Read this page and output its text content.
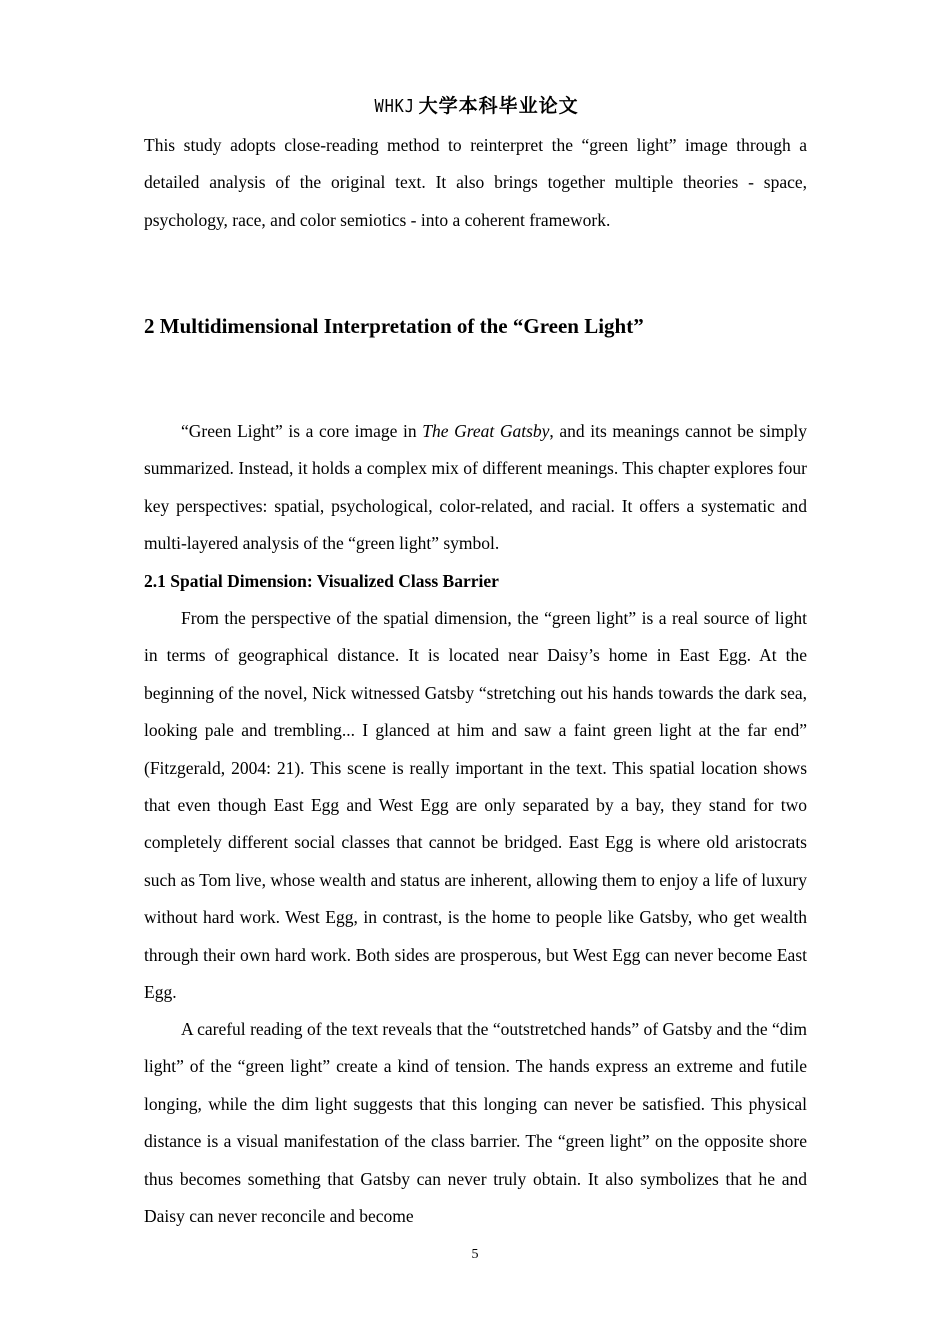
WHKJ 大学本科毕业论文
This study adopts close-reading method to reinterpret the “green light” image through a detailed analysis of the original text. It also brings together multiple theories - space, psychology, race, and color semiotics - into a coherent framework.
2 Multidimensional Interpretation of the “Green Light”
“Green Light” is a core image in The Great Gatsby, and its meanings cannot be simply summarized. Instead, it holds a complex mix of different meanings. This chapter explores four key perspectives: spatial, psychological, color-related, and racial. It offers a systematic and multi-layered analysis of the “green light” symbol.
2.1 Spatial Dimension: Visualized Class Barrier
From the perspective of the spatial dimension, the “green light” is a real source of light in terms of geographical distance. It is located near Daisy’s home in East Egg. At the beginning of the novel, Nick witnessed Gatsby “stretching out his hands towards the dark sea, looking pale and trembling... I glanced at him and saw a faint green light at the far end” (Fitzgerald, 2004: 21). This scene is really important in the text. This spatial location shows that even though East Egg and West Egg are only separated by a bay, they stand for two completely different social classes that cannot be bridged. East Egg is where old aristocrats such as Tom live, whose wealth and status are inherent, allowing them to enjoy a life of luxury without hard work. West Egg, in contrast, is the home to people like Gatsby, who get wealth through their own hard work. Both sides are prosperous, but West Egg can never become East Egg.
A careful reading of the text reveals that the “outstretched hands” of Gatsby and the “dim light” of the “green light” create a kind of tension. The hands express an extreme and futile longing, while the dim light suggests that this longing can never be satisfied. This physical distance is a visual manifestation of the class barrier. The “green light” on the opposite shore thus becomes something that Gatsby can never truly obtain. It also symbolizes that he and Daisy can never reconcile and become
5
